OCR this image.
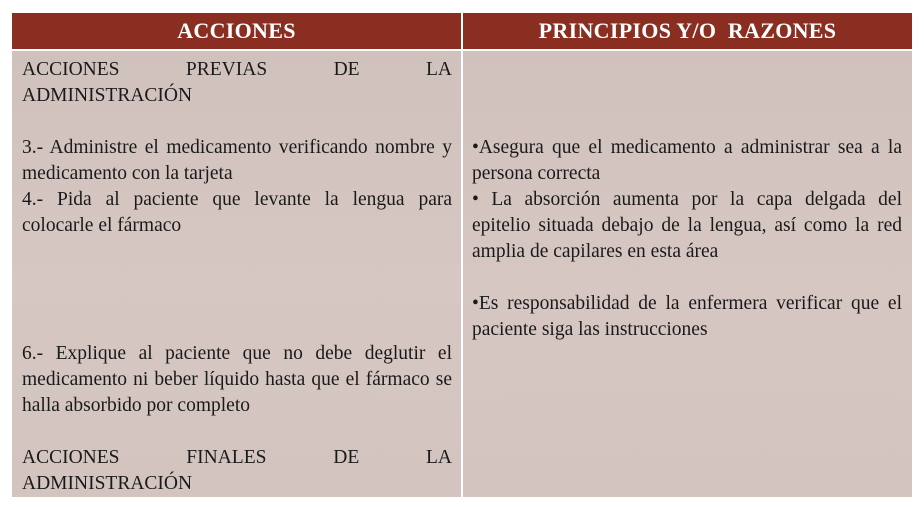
ACCIONES	PRINCIPIOS Y/O  RAZONES

ACCIONES PREVIAS DE LA

ADMINISTRACIÓN

3.- Administre el medicamento verificando nombre y medicamento con la tarjeta

4.- Pida al paciente que levante la lengua para colocarle el fármaco

6.- Explique al paciente que no debe deglutir el medicamento ni beber líquido hasta que el fármaco se halla absorbido por completo

ACCIONES FINALES DE LA

ADMINISTRACIÓN

•Asegura que el medicamento a administrar sea a la persona correcta

• La absorción aumenta por la capa delgada del epitelio situada debajo de la lengua, así como la red amplia de capilares en esta área

•Es responsabilidad de la enfermera verificar que el paciente siga las instrucciones
